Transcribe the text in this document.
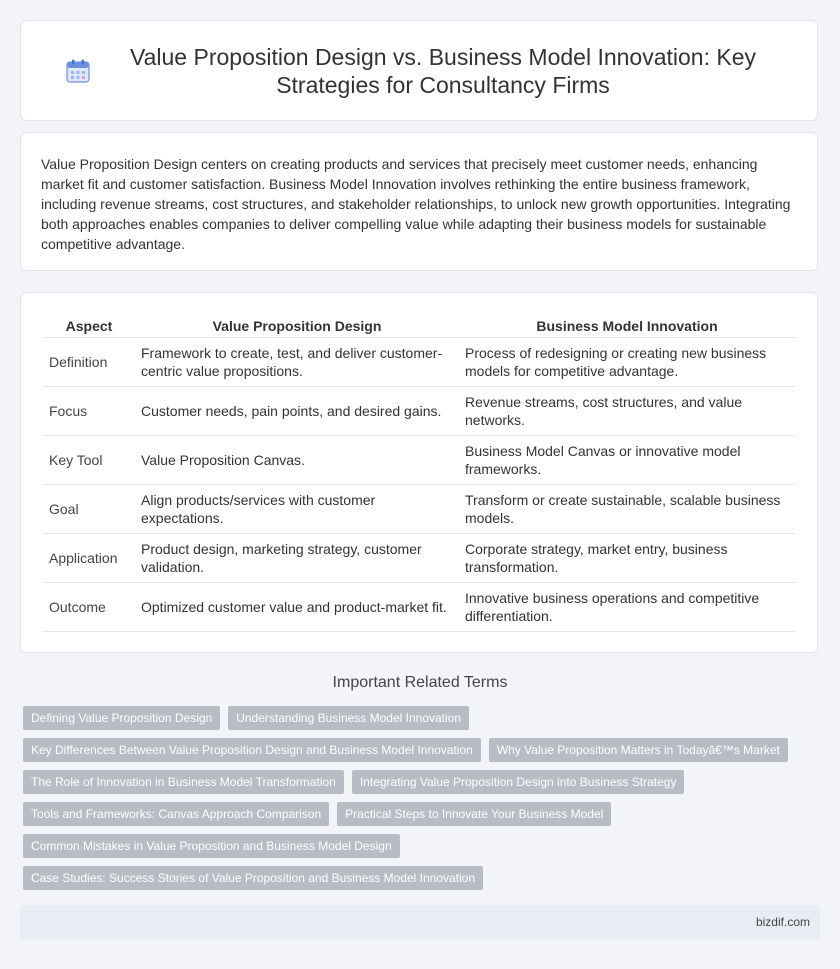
Value Proposition Design vs. Business Model Innovation: Key Strategies for Consultancy Firms

Value Proposition Design centers on creating products and services that precisely meet customer needs, enhancing market fit and customer satisfaction. Business Model Innovation involves rethinking the entire business framework, including revenue streams, cost structures, and stakeholder relationships, to unlock new growth opportunities. Integrating both approaches enables companies to deliver compelling value while adapting their business models for sustainable competitive advantage.

Aspect	Value Proposition Design	Business Model Innovation
Definition	Framework to create, test, and deliver customer-centric value propositions.	Process of redesigning or creating new business models for competitive advantage.
Focus	Customer needs, pain points, and desired gains.	Revenue streams, cost structures, and value networks.
Key Tool	Value Proposition Canvas.	Business Model Canvas or innovative model frameworks.
Goal	Align products/services with customer expectations.	Transform or create sustainable, scalable business models.
Application	Product design, marketing strategy, customer validation.	Corporate strategy, market entry, business transformation.
Outcome	Optimized customer value and product-market fit.	Innovative business operations and competitive differentiation.
Important Related Terms
Defining Value Proposition Design	Understanding Business Model Innovation
Key Differences Between Value Proposition Design and Business Model Innovation	Why Value Proposition Matters in Todayâ€™s Market
The Role of Innovation in Business Model Transformation	Integrating Value Proposition Design into Business Strategy
Tools and Frameworks: Canvas Approach Comparison	Practical Steps to Innovate Your Business Model
Common Mistakes in Value Proposition and Business Model Design
Case Studies: Success Stories of Value Proposition and Business Model Innovation
bizdif.com
